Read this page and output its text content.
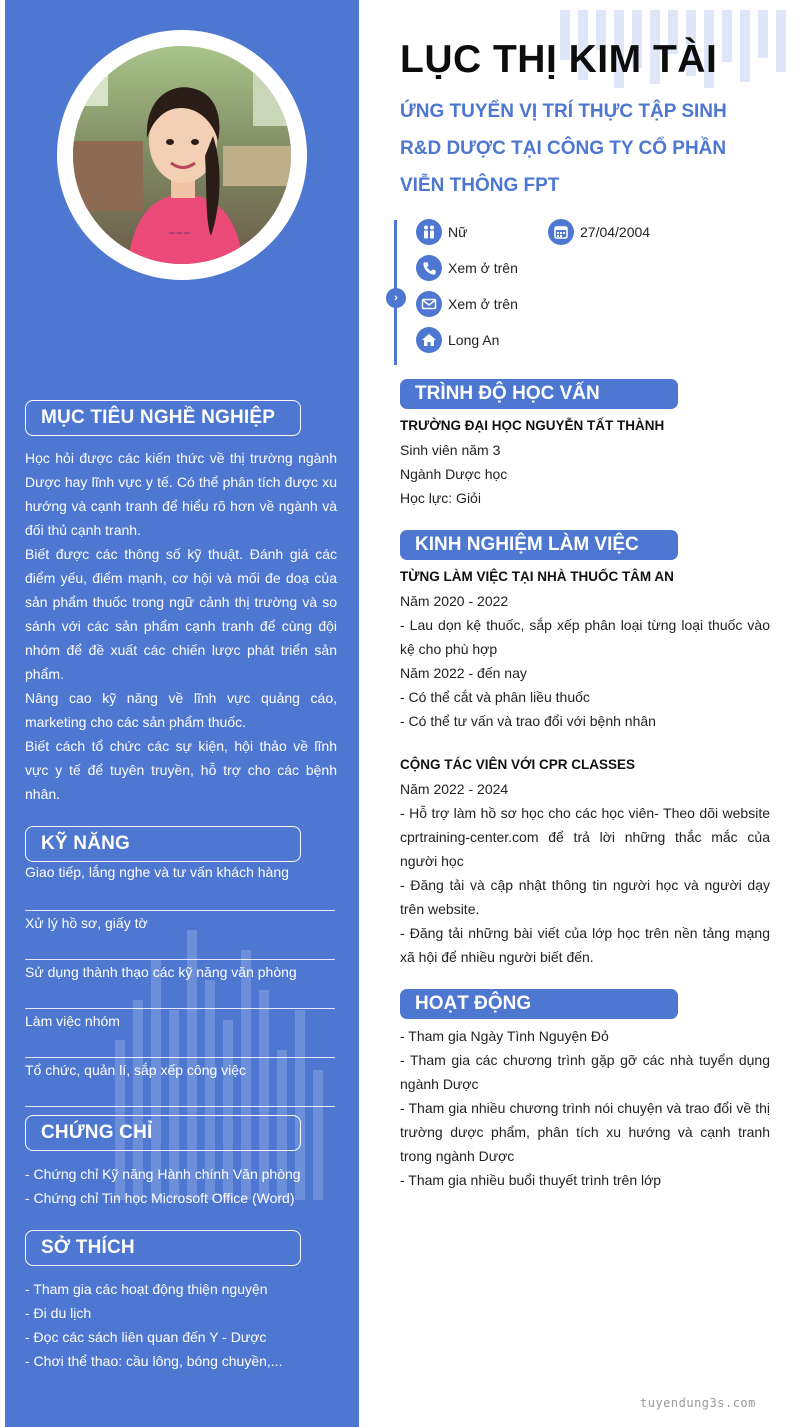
~~~
MỤC TIÊU NGHỀ NGHIỆP

Học hỏi được các kiến thức về thị trường ngành Dược hay lĩnh vực y tế. Có thể phân tích được xu hướng và cạnh tranh để hiểu rõ hơn về ngành và đối thủ cạnh tranh.

Biết được các thông số kỹ thuật. Đánh giá các điểm yếu, điểm mạnh, cơ hội và mối đe doạ của sản phẩm thuốc trong ngữ cảnh thị trường và so sánh với các sản phẩm cạnh tranh để cùng đội nhóm để đề xuất các chiến lược phát triển sản phẩm.

Nâng cao kỹ năng về lĩnh vực quảng cáo, marketing cho các sản phẩm thuốc.

Biết cách tổ chức các sự kiện, hội thảo về lĩnh vực y tế để tuyên truyền, hỗ trợ cho các bệnh nhân.

KỸ NĂNG
Giao tiếp, lắng nghe và tư vấn khách hàng
Xử lý hồ sơ, giấy tờ
Sử dụng thành thạo các kỹ năng văn phòng
Làm việc nhóm
Tổ chức, quản lí, sắp xếp công việc
CHỨNG CHỈ
- Chứng chỉ Kỹ năng Hành chính Văn phòng
- Chứng chỉ Tin học Microsoft Office (Word)
SỞ THÍCH
- Tham gia các hoạt động thiện nguyện
- Đi du lịch
- Đọc các sách liên quan đến Y - Dược
- Chơi thể thao: cầu lông, bóng chuyền,...
LỤC THỊ KIM TÀI
ỨNG TUYỂN VỊ TRÍ THỰC TẬP SINH
R&D DƯỢC TẠI CÔNG TY CỔ PHẦN
VIỄN THÔNG FPT
›
Nữ	27/04/2004
Xem ở trên
Xem ở trên
Long An
TRÌNH ĐỘ HỌC VẤN
TRƯỜNG ĐẠI HỌC NGUYỄN TẤT THÀNH
Sinh viên năm 3
Ngành Dược học
Học lực: Giỏi
KINH NGHIỆM LÀM VIỆC
TỪNG LÀM VIỆC TẠI NHÀ THUỐC TÂM AN
Năm 2020 - 2022
- Lau dọn kệ thuốc, sắp xếp phân loại từng loại thuốc vào kệ cho phù hợp
Năm 2022 - đến nay
- Có thể cắt và phân liều thuốc
- Có thể tư vấn và trao đổi với bệnh nhân
CỘNG TÁC VIÊN VỚI CPR CLASSES
Năm 2022 - 2024
- Hỗ trợ làm hồ sơ học cho các học viên- Theo dõi website cprtraining-center.com để trả lời những thắc mắc của người học
- Đăng tải và cập nhật thông tin người học và người dạy trên website.
- Đăng tải những bài viết của lớp học trên nền tảng mạng xã hội để nhiều người biết đến.
HOẠT ĐỘNG
- Tham gia Ngày Tình Nguyện Đỏ
- Tham gia các chương trình gặp gỡ các nhà tuyển dụng ngành Dược
- Tham gia nhiều chương trình nói chuyện và trao đổi về thị trường dược phẩm, phân tích xu hướng và cạnh tranh trong ngành Dược
- Tham gia nhiều buổi thuyết trình trên lớp
tuyendung3s.com
